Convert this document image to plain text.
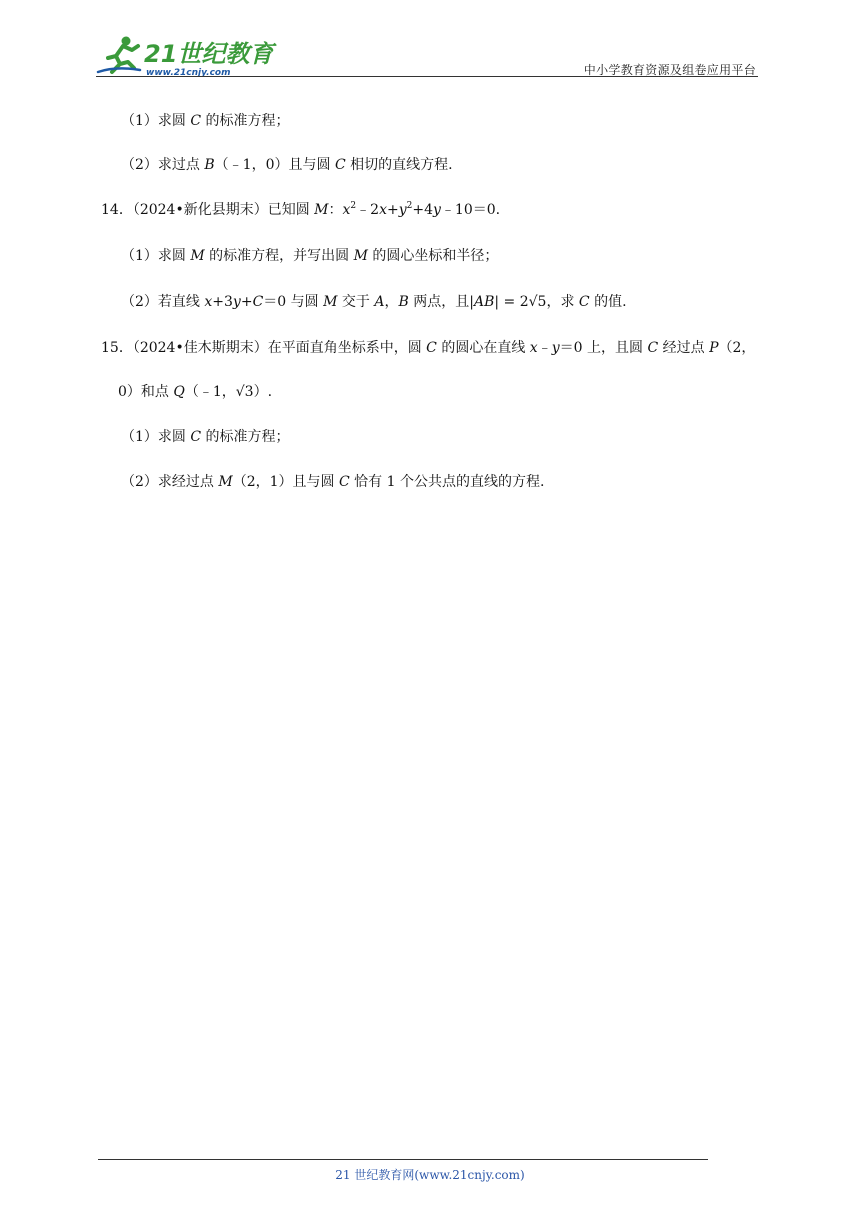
21世纪教育
www.21cnjy.com	中小学教育资源及组卷应用平台
（1）求圆 C 的标准方程；
（2）求过点 B（﹣1，0）且与圆 C 相切的直线方程.
14．（2024•新化县期末）已知圆 M：$x^2﹣2x+y^2+4y﹣10=0$.
（1）求圆 M 的标准方程，并写出圆 M 的圆心坐标和半径；
（2）若直线 x+3y+C＝0 与圆 M 交于 A，B 两点，且|AB| = 2√5，求 C 的值.
15．（2024•佳木斯期末）在平面直角坐标系中，圆 C 的圆心在直线 x﹣y＝0 上，且圆 C 经过点 P（2，
0）和点 Q（﹣1，√3）.
（1）求圆 C 的标准方程；
（2）求经过点 M（2，1）且与圆 C 恰有 1 个公共点的直线的方程.
21 世纪教育网(www.21cnjy.com)
